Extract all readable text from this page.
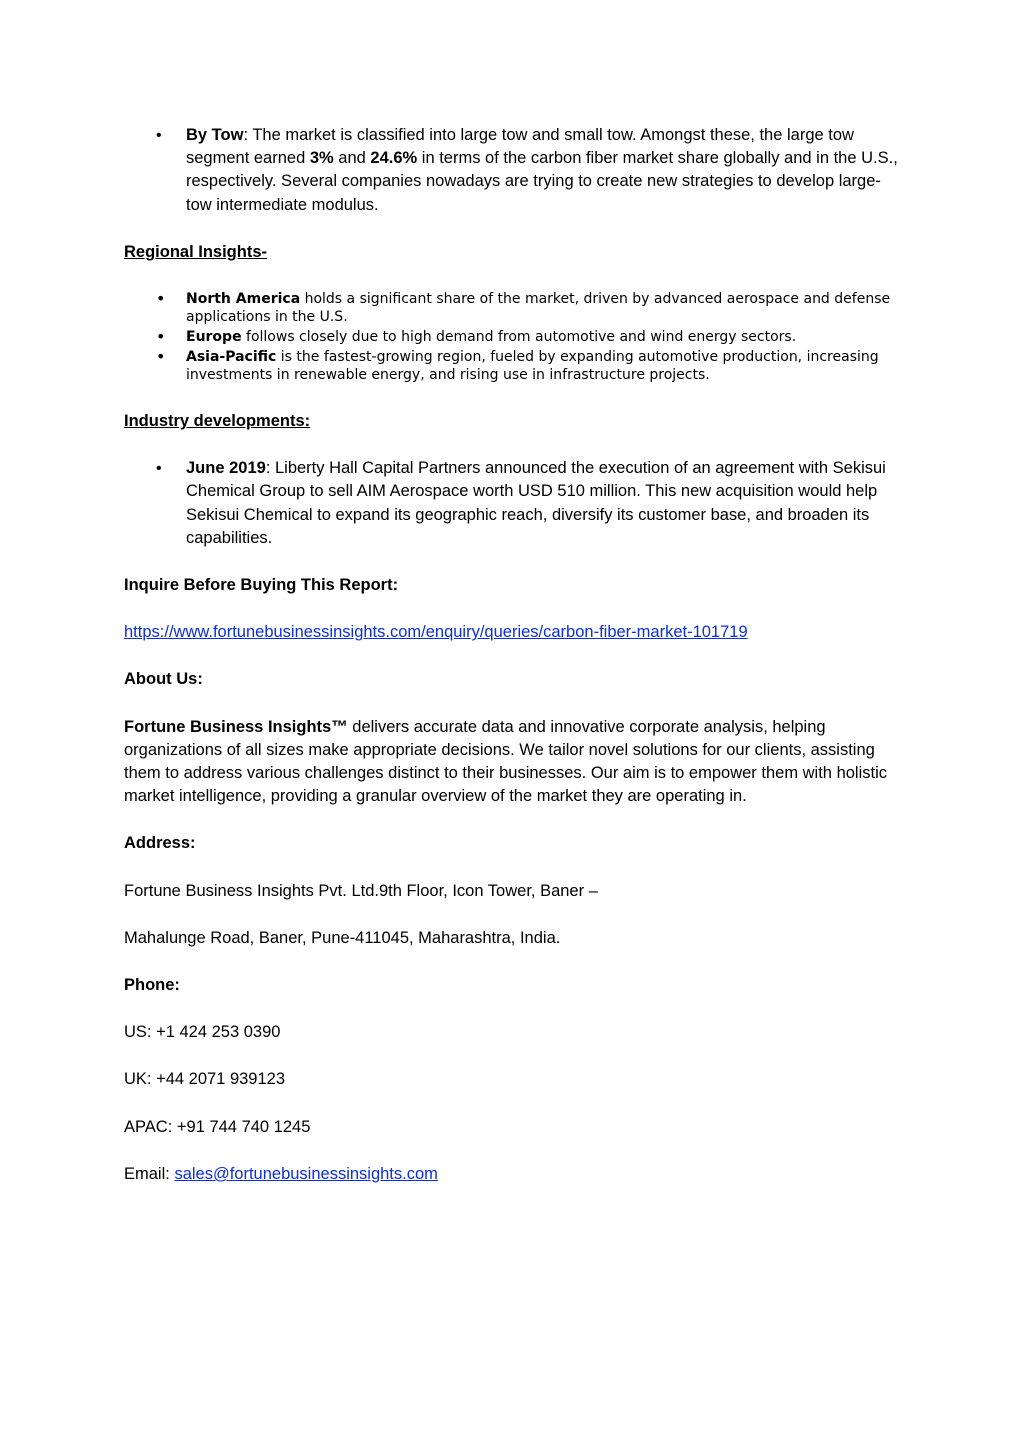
• By Tow: The market is classified into large tow and small tow. Amongst these, the large tow segment earned 3% and 24.6% in terms of the carbon fiber market share globally and in the U.S., respectively. Several companies nowadays are trying to create new strategies to develop large-tow intermediate modulus.

Regional Insights-

• North America holds a significant share of the market, driven by advanced aerospace and defense applications in the U.S.
• Europe follows closely due to high demand from automotive and wind energy sectors.
• Asia-Pacific is the fastest-growing region, fueled by expanding automotive production, increasing investments in renewable energy, and rising use in infrastructure projects.

Industry developments:

• June 2019: Liberty Hall Capital Partners announced the execution of an agreement with Sekisui Chemical Group to sell AIM Aerospace worth USD 510 million. This new acquisition would help Sekisui Chemical to expand its geographic reach, diversify its customer base, and broaden its capabilities.

Inquire Before Buying This Report:

https://www.fortunebusinessinsights.com/enquiry/queries/carbon-fiber-market-101719

About Us:

Fortune Business Insights™ delivers accurate data and innovative corporate analysis, helping organizations of all sizes make appropriate decisions. We tailor novel solutions for our clients, assisting them to address various challenges distinct to their businesses. Our aim is to empower them with holistic market intelligence, providing a granular overview of the market they are operating in.

Address:

Fortune Business Insights Pvt. Ltd.9th Floor, Icon Tower, Baner –

Mahalunge Road, Baner, Pune-411045, Maharashtra, India.

Phone:

US: +1 424 253 0390

UK: +44 2071 939123

APAC: +91 744 740 1245

Email: sales@fortunebusinessinsights.com
